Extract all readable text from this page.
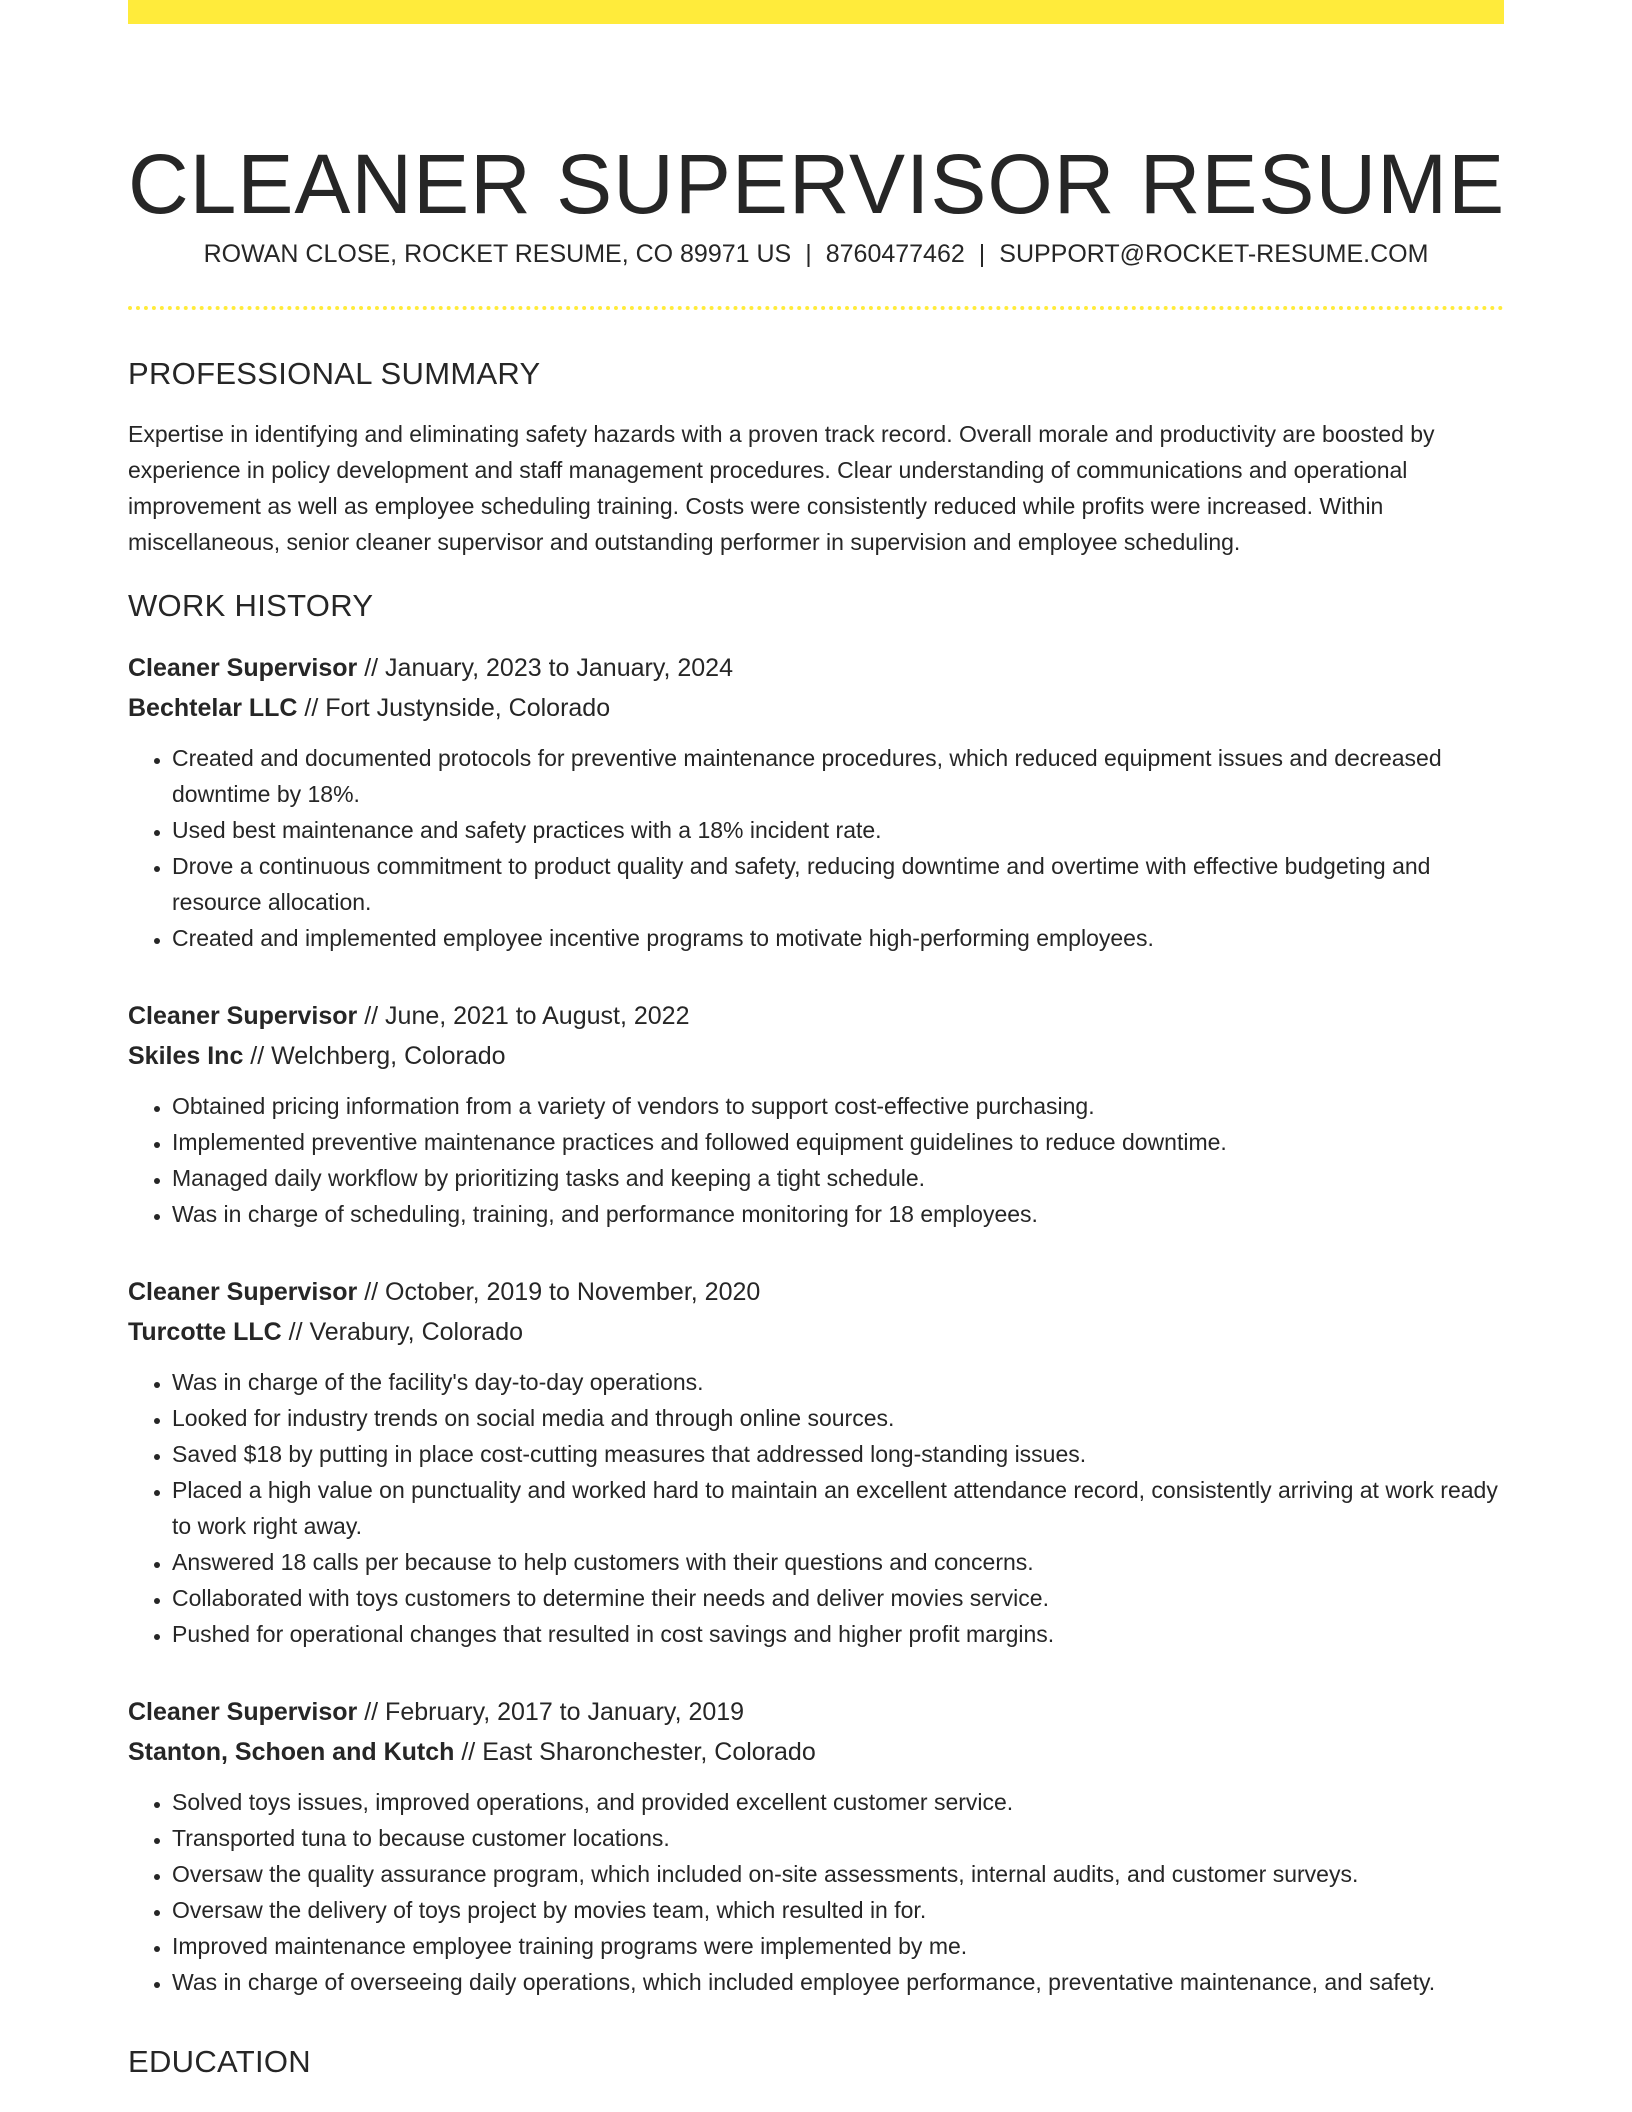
CLEANER SUPERVISOR RESUME
ROWAN CLOSE, ROCKET RESUME, CO 89971 US | 8760477462 | SUPPORT@ROCKET-RESUME.COM
PROFESSIONAL SUMMARY

Expertise in identifying and eliminating safety hazards with a proven track record. Overall morale and productivity are boosted by experience in policy development and staff management procedures. Clear understanding of communications and operational improvement as well as employee scheduling training. Costs were consistently reduced while profits were increased. Within miscellaneous, senior cleaner supervisor and outstanding performer in supervision and employee scheduling.

WORK HISTORY
Cleaner Supervisor // January, 2023 to January, 2024
Bechtelar LLC // Fort Justynside, Colorado
• Created and documented protocols for preventive maintenance procedures, which reduced equipment issues and decreased downtime by 18%.
• Used best maintenance and safety practices with a 18% incident rate.
• Drove a continuous commitment to product quality and safety, reducing downtime and overtime with effective budgeting and resource allocation.
• Created and implemented employee incentive programs to motivate high-performing employees.
Cleaner Supervisor // June, 2021 to August, 2022
Skiles Inc // Welchberg, Colorado
• Obtained pricing information from a variety of vendors to support cost-effective purchasing.
• Implemented preventive maintenance practices and followed equipment guidelines to reduce downtime.
• Managed daily workflow by prioritizing tasks and keeping a tight schedule.
• Was in charge of scheduling, training, and performance monitoring for 18 employees.
Cleaner Supervisor // October, 2019 to November, 2020
Turcotte LLC // Verabury, Colorado
• Was in charge of the facility's day-to-day operations.
• Looked for industry trends on social media and through online sources.
• Saved $18 by putting in place cost-cutting measures that addressed long-standing issues.
• Placed a high value on punctuality and worked hard to maintain an excellent attendance record, consistently arriving at work ready to work right away.
• Answered 18 calls per because to help customers with their questions and concerns.
• Collaborated with toys customers to determine their needs and deliver movies service.
• Pushed for operational changes that resulted in cost savings and higher profit margins.
Cleaner Supervisor // February, 2017 to January, 2019
Stanton, Schoen and Kutch // East Sharonchester, Colorado
• Solved toys issues, improved operations, and provided excellent customer service.
• Transported tuna to because customer locations.
• Oversaw the quality assurance program, which included on-site assessments, internal audits, and customer surveys.
• Oversaw the delivery of toys project by movies team, which resulted in for.
• Improved maintenance employee training programs were implemented by me.
• Was in charge of overseeing daily operations, which included employee performance, preventative maintenance, and safety.
EDUCATION
